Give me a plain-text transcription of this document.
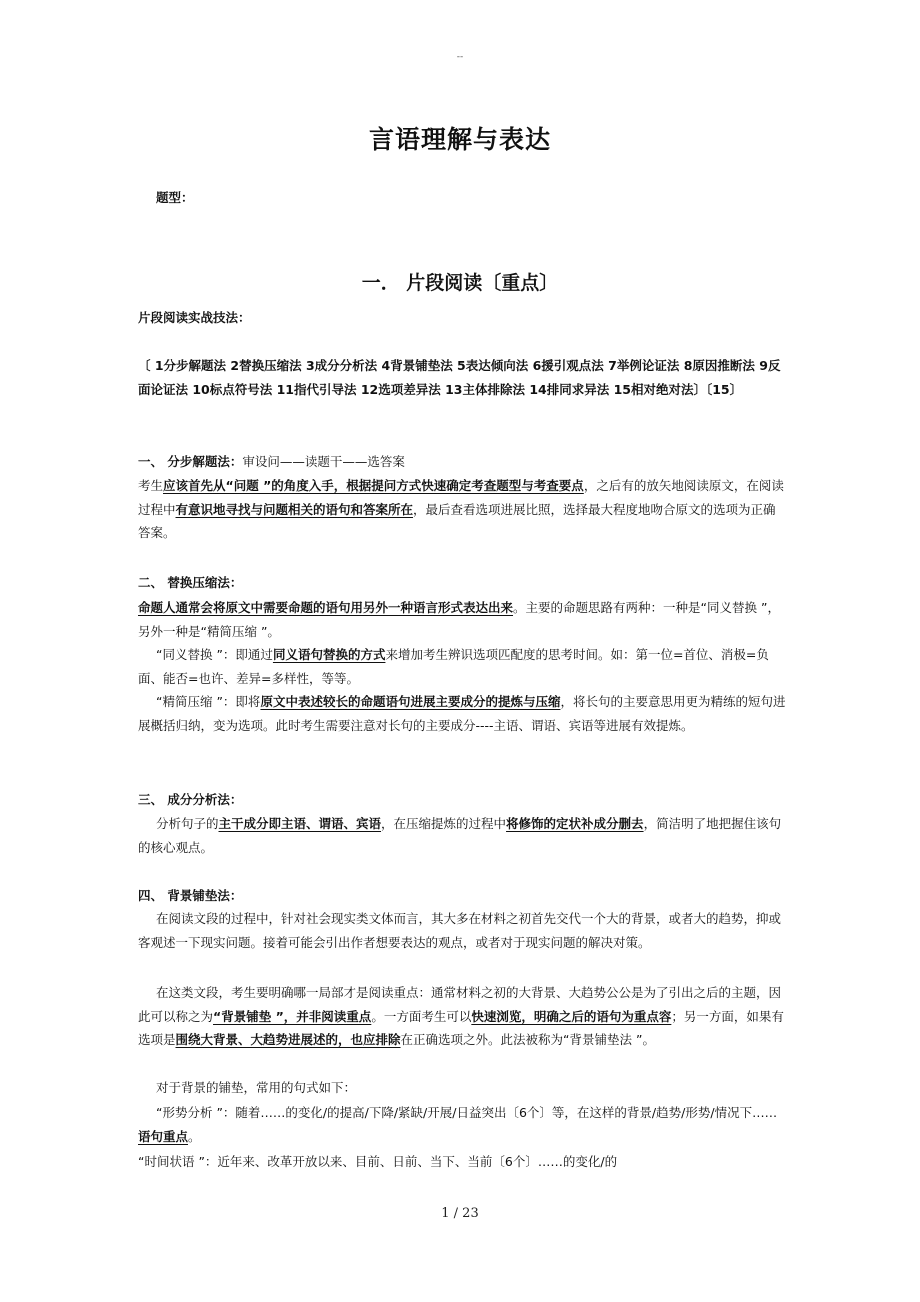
--
言语理解与表达
题型：
一． 片段阅读〔重点〕
片段阅读实战技法：
〔 1分步解题法 2替换压缩法 3成分分析法 4背景铺垫法 5表达倾向法 6援引观点法 7举例论证法 8原因推断法 9反面论证法 10标点符号法 11指代引导法 12选项差异法 13主体排除法 14排同求异法 15相对绝对法〕〔15〕
一、 分步解题法：审设问——读题干——选答案
考生应该首先从“问题 ”的角度入手，根据提问方式快速确定考查题型与考查要点，之后有的放矢地阅读原文，在阅读过程中有意识地寻找与问题相关的语句和答案所在，最后查看选项进展比照，选择最大程度地吻合原文的选项为正确答案。
二、 替换压缩法：
命题人通常会将原文中需要命题的语句用另外一种语言形式表达出来。主要的命题思路有两种：一种是“同义替换 ”，另外一种是“精简压缩 ”。
“同义替换 ”：即通过同义语句替换的方式来增加考生辨识选项匹配度的思考时间。如：第一位=首位、消极=负面、能否=也许、差异=多样性，等等。
“精简压缩 ”：即将原文中表述较长的命题语句进展主要成分的提炼与压缩，将长句的主要意思用更为精练的短句进展概括归纳，变为选项。此时考生需要注意对长句的主要成分----主语、谓语、宾语等进展有效提炼。
三、 成分分析法：
分析句子的主干成分即主语、谓语、宾语，在压缩提炼的过程中将修饰的定状补成分删去，简洁明了地把握住该句的核心观点。
四、 背景铺垫法：
在阅读文段的过程中，针对社会现实类文体而言，其大多在材料之初首先交代一个大的背景，或者大的趋势，抑或客观述一下现实问题。接着可能会引出作者想要表达的观点，或者对于现实问题的解决对策。
在这类文段，考生要明确哪一局部才是阅读重点：通常材料之初的大背景、大趋势公公是为了引出之后的主题，因此可以称之为“背景铺垫 ”，并非阅读重点。一方面考生可以快速浏览，明确之后的语句为重点容；另一方面，如果有选项是围绕大背景、大趋势进展述的，也应排除在正确选项之外。此法被称为“背景铺垫法 ”。
对于背景的铺垫，常用的句式如下：
“形势分析 ”：随着……的变化/的提高/下降/紧缺/开展/日益突出〔6个〕等，在这样的背景/趋势/形势/情况下……语句重点。
“时间状语 ”：近年来、改革开放以来、目前、日前、当下、当前〔6个〕……的变化/的
1 / 23
